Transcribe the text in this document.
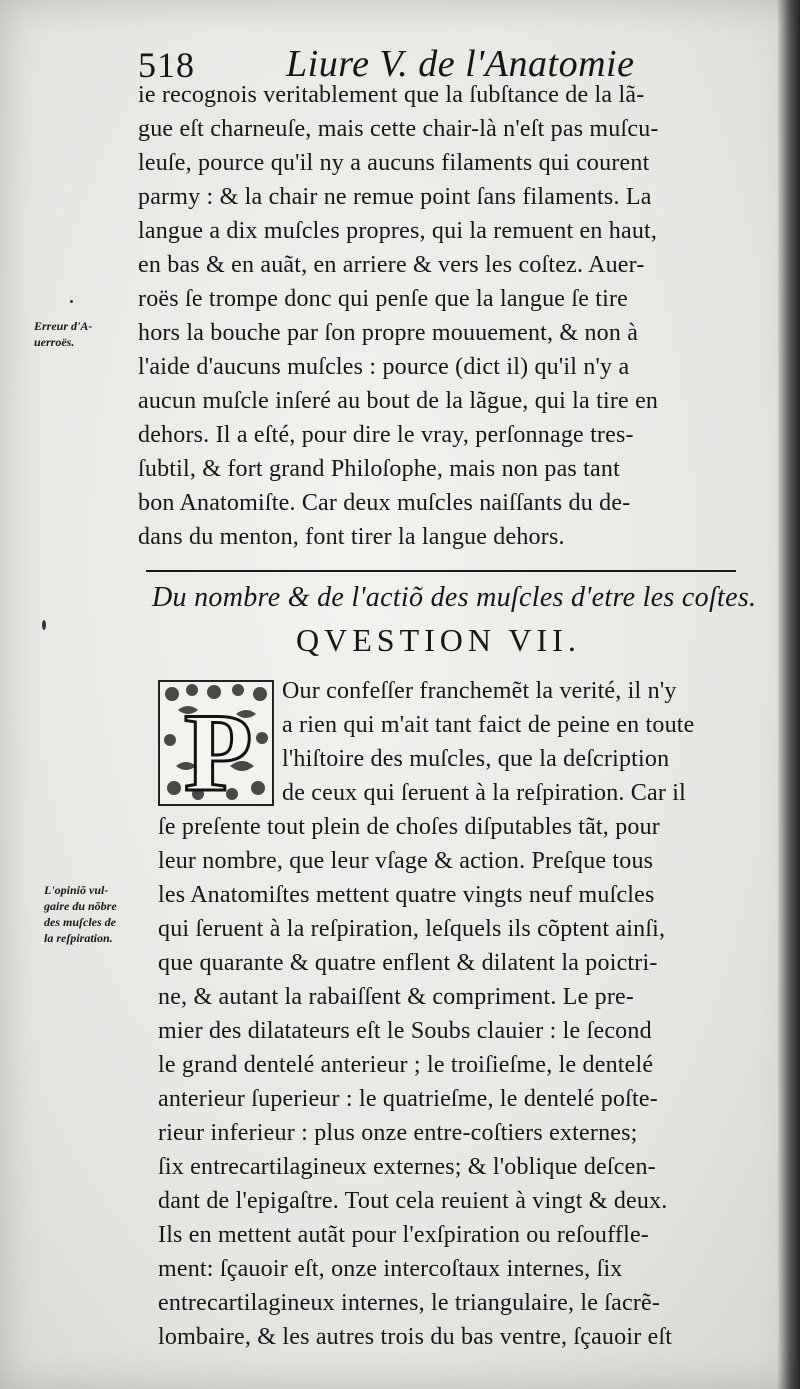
518 Liure V. de l'Anatomie
ie recognois veritablement que la ſubſtance de la lã-
gue eſt charneuſe, mais cette chair-là n'eſt pas muſcu-
leuſe, pource qu'il ny a aucuns filaments qui courent
parmy : & la chair ne remue point ſans filaments. La
langue a dix muſcles propres, qui la remuent en haut,
en bas & en auãt, en arriere & vers les coſtez. Auer-
roës ſe trompe donc qui penſe que la langue ſe tire
hors la bouche par ſon propre mouuement, & non à
l'aide d'aucuns muſcles : pource (dict il) qu'il n'y a
aucun muſcle inſeré au bout de la lãgue, qui la tire en
dehors. Il a eſté, pour dire le vray, perſonnage tres-
ſubtil, & fort grand Philoſophe, mais non pas tant
bon Anatomiſte. Car deux muſcles naiſſants du de-
dans du menton, font tirer la langue dehors.
Erreur d'A-
uerroës.
Du nombre & de l'actiõ des muſcles d'etre les coſtes.
QVESTION VII.
P Our confeſſer franchemẽt la verité, il n'y
a rien qui m'ait tant faict de peine en toute
l'hiſtoire des muſcles, que la deſcription
de ceux qui ſeruent à la reſpiration. Car il
ſe preſente tout plein de choſes diſputables tãt, pour
leur nombre, que leur vſage & action. Preſque tous
les Anatomiſtes mettent quatre vingts neuf muſcles
qui ſeruent à la reſpiration, leſquels ils cõptent ainſi,
que quarante & quatre enflent & dilatent la poictri-
ne, & autant la rabaiſſent & compriment. Le pre-
mier des dilatateurs eſt le Soubs clauier : le ſecond
le grand dentelé anterieur ; le troiſieſme, le dentelé
anterieur ſuperieur : le quatrieſme, le dentelé poſte-
rieur inferieur : plus onze entre-coſtiers externes;
ſix entrecartilagineux externes; & l'oblique deſcen-
dant de l'epigaſtre. Tout cela reuient à vingt & deux.
Ils en mettent autãt pour l'exſpiration ou reſouffle-
ment: ſçauoir eſt, onze intercoſtaux internes, ſix
entrecartilagineux internes, le triangulaire, le ſacrẽ-
lombaire, & les autres trois du bas ventre, ſçauoir eſt
L'opiniõ vul-
gaire du nõbre
des muſcles de
la reſpiration.
